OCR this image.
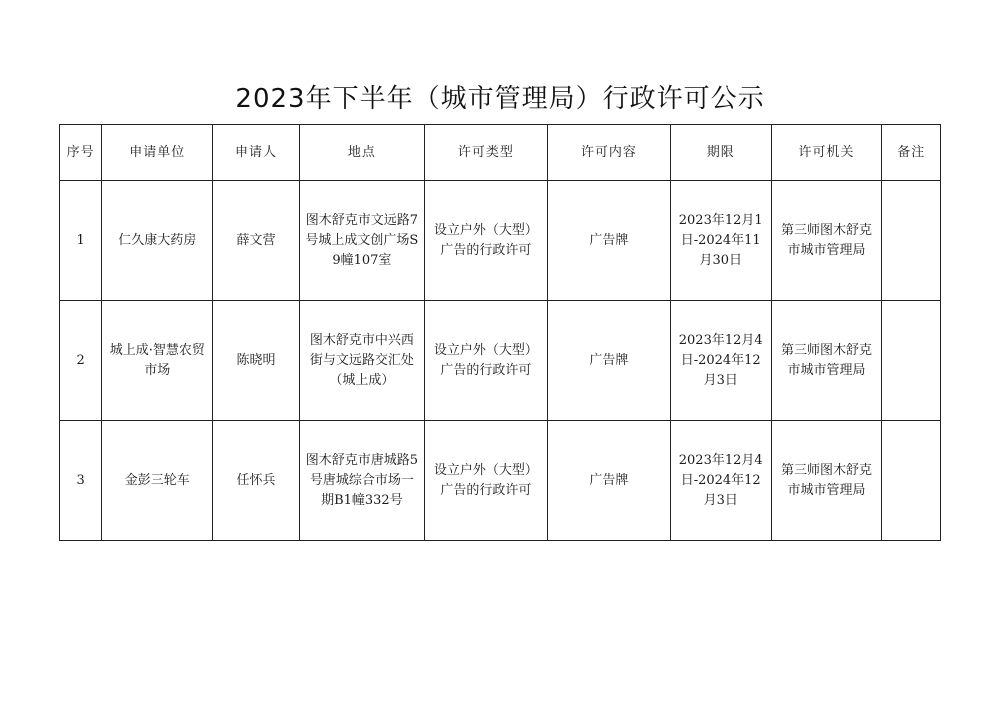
2023年下半年（城市管理局）行政许可公示
序号	申请单位	申请人	地点	许可类型	许可内容	期限	许可机关	备注
1	仁久康大药房	薛文营	图木舒克市文远路7号城上成文创广场S9幢107室	设立户外（大型）广告的行政许可	广告牌	2023年12月1日-2024年11月30日	第三师图木舒克市城市管理局	
2	城上成·智慧农贸市场	陈晓明	图木舒克市中兴西街与文远路交汇处（城上成）	设立户外（大型）广告的行政许可	广告牌	2023年12月4日-2024年12月3日	第三师图木舒克市城市管理局	
3	金彭三轮车	任怀兵	图木舒克市唐城路5号唐城综合市场一期B1幢332号	设立户外（大型）广告的行政许可	广告牌	2023年12月4日-2024年12月3日	第三师图木舒克市城市管理局	
